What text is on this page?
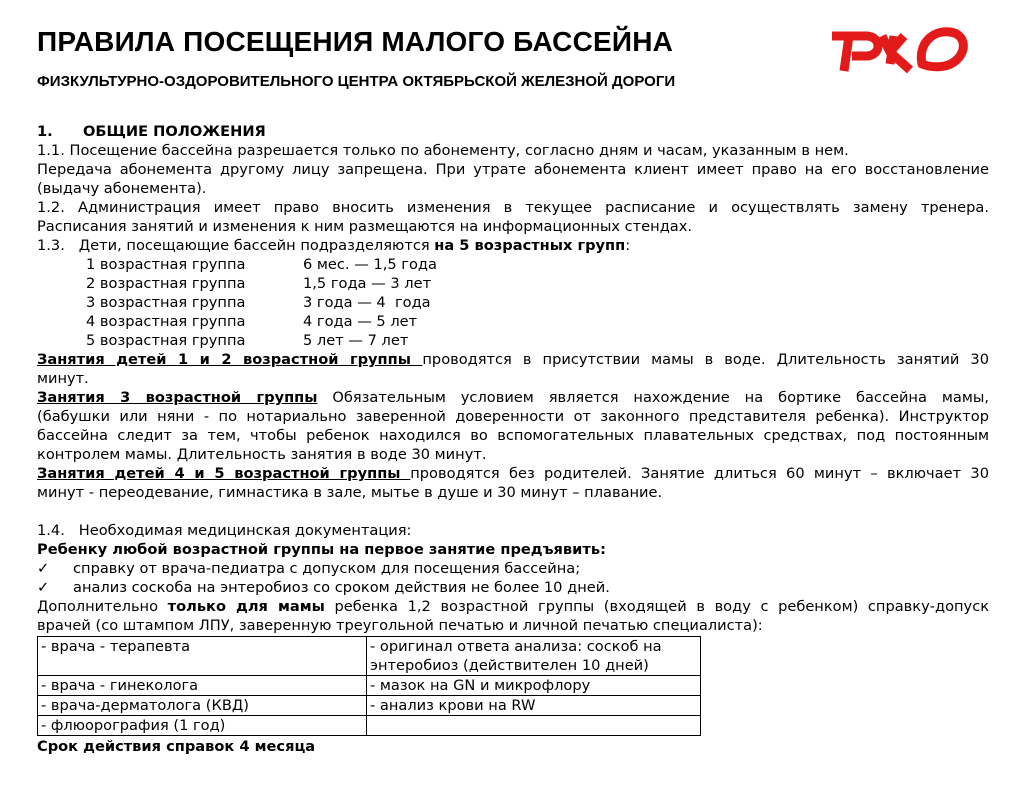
ПРАВИЛА ПОСЕЩЕНИЯ МАЛОГО БАССЕЙНА
ФИЗКУЛЬТУРНО-ОЗДОРОВИТЕЛЬНОГО ЦЕНТРА ОКТЯБРЬСКОЙ ЖЕЛЕЗНОЙ ДОРОГИ
1. ОБЩИЕ ПОЛОЖЕНИЯ
1.1. Посещение бассейна разрешается только по абонементу, согласно дням и часам, указанным в нем.
Передача абонемента другому лицу запрещена. При утрате абонемента клиент имеет право на его восстановление
(выдачу абонемента).
1.2. Администрация имеет право вносить изменения в текущее расписание и осуществлять замену тренера.
Расписания занятий и изменения к ним размещаются на информационных стендах.
1.3.   Дети, посещающие бассейн подразделяются на 5 возрастных групп:
1 возрастная группа	6 мес. — 1,5 года
2 возрастная группа	1,5 года — 3 лет
3 возрастная группа	3 года — 4  года
4 возрастная группа	4 года — 5 лет
5 возрастная группа	5 лет — 7 лет
Занятия детей 1 и 2 возрастной группы проводятся в присутствии мамы в воде. Длительность занятий 30
минут.
Занятия 3 возрастной группы Обязательным условием является нахождение на бортике бассейна мамы,
(бабушки или няни - по нотариально заверенной доверенности от законного представителя ребенка). Инструктор
бассейна следит за тем, чтобы ребенок находился во вспомогательных плавательных средствах, под постоянным
контролем мамы. Длительность занятия в воде 30 минут.
Занятия детей 4 и 5 возрастной группы проводятся без родителей. Занятие длиться 60 минут – включает 30
минут - переодевание, гимнастика в зале, мытье в душе и 30 минут – плавание.
1.4.   Необходимая медицинская документация:
Ребенку любой возрастной группы на первое занятие предъявить:
✓ справку от врача-педиатра с допуском для посещения бассейна;
✓ анализ соскоба на энтеробиоз со сроком действия не более 10 дней.
Дополнительно только для мамы ребенка 1,2 возрастной группы (входящей в воду с ребенком) справку-допуск
врачей (со штампом ЛПУ, заверенную треугольной печатью и личной печатью специалиста):
- врача - терапевта	- оригинал ответа анализа: соскоб на энтеробиоз (действителен 10 дней)
- врача - гинеколога	- мазок на GN и микрофлору
- врача-дерматолога (КВД)	- анализ крови на RW
- флюорография (1 год)	
Срок действия справок 4 месяца
